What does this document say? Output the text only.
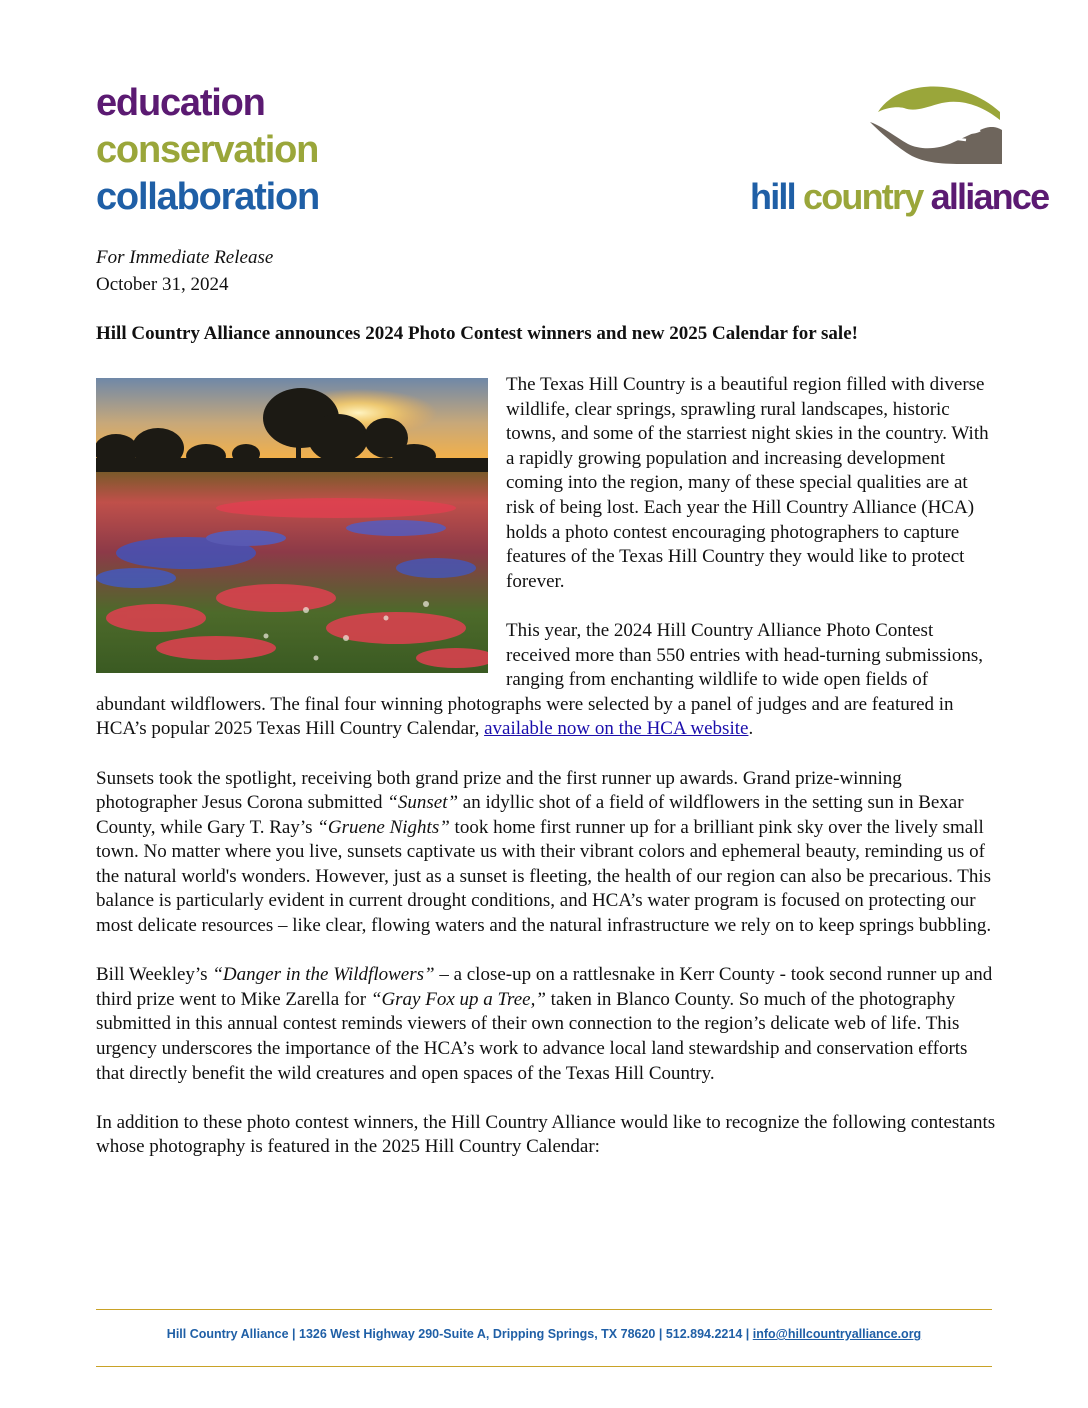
education
conservation
collaboration	hill country alliance
For Immediate Release
October 31, 2024
Hill Country Alliance announces 2024 Photo Contest winners and new 2025 Calendar for sale!

The Texas Hill Country is a beautiful region filled with diverse wildlife, clear springs, sprawling rural landscapes, historic towns, and some of the starriest night skies in the country. With a rapidly growing population and increasing development coming into the region, many of these special qualities are at risk of being lost. Each year the Hill Country Alliance (HCA) holds a photo contest encouraging photographers to capture features of the Texas Hill Country they would like to protect forever.

This year, the 2024 Hill Country Alliance Photo Contest received more than 550 entries with head-turning submissions, ranging from enchanting wildlife to wide open fields of abundant wildflowers. The final four winning photographs were selected by a panel of judges and are featured in HCA’s popular 2025 Texas Hill Country Calendar, available now on the HCA website.

Sunsets took the spotlight, receiving both grand prize and the first runner up awards. Grand prize-winning photographer Jesus Corona submitted “Sunset” an idyllic shot of a field of wildflowers in the setting sun in Bexar County, while Gary T. Ray’s “Gruene Nights” took home first runner up for a brilliant pink sky over the lively small town. No matter where you live, sunsets captivate us with their vibrant colors and ephemeral beauty, reminding us of the natural world's wonders. However, just as a sunset is fleeting, the health of our region can also be precarious. This balance is particularly evident in current drought conditions, and HCA’s water program is focused on protecting our most delicate resources – like clear, flowing waters and the natural infrastructure we rely on to keep springs bubbling.

Bill Weekley’s “Danger in the Wildflowers” – a close-up on a rattlesnake in Kerr County - took second runner up and third prize went to Mike Zarella for “Gray Fox up a Tree,” taken in Blanco County. So much of the photography submitted in this annual contest reminds viewers of their own connection to the region’s delicate web of life. This urgency underscores the importance of the HCA’s work to advance local land stewardship and conservation efforts that directly benefit the wild creatures and open spaces of the Texas Hill Country.

In addition to these photo contest winners, the Hill Country Alliance would like to recognize the following contestants whose photography is featured in the 2025 Hill Country Calendar:

Hill Country Alliance | 1326 West Highway 290-Suite A, Dripping Springs, TX 78620 | 512.894.2214 | info@hillcountryalliance.org
